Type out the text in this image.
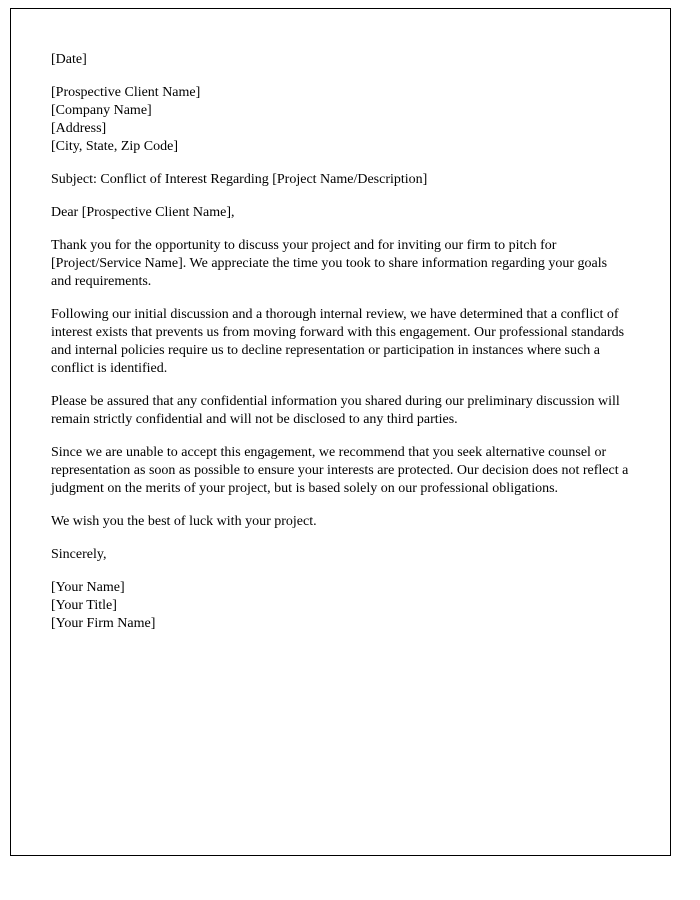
[Date]

[Prospective Client Name]

[Company Name]

[Address]

[City, State, Zip Code]

Subject: Conflict of Interest Regarding [Project Name/Description]

Dear [Prospective Client Name],

Thank you for the opportunity to discuss your project and for inviting our firm to pitch for [Project/Service Name]. We appreciate the time you took to share information regarding your goals and requirements.

Following our initial discussion and a thorough internal review, we have determined that a conflict of interest exists that prevents us from moving forward with this engagement. Our professional standards and internal policies require us to decline representation or participation in instances where such a conflict is identified.

Please be assured that any confidential information you shared during our preliminary discussion will remain strictly confidential and will not be disclosed to any third parties.

Since we are unable to accept this engagement, we recommend that you seek alternative counsel or representation as soon as possible to ensure your interests are protected. Our decision does not reflect a judgment on the merits of your project, but is based solely on our professional obligations.

We wish you the best of luck with your project.

Sincerely,

[Your Name]

[Your Title]

[Your Firm Name]
